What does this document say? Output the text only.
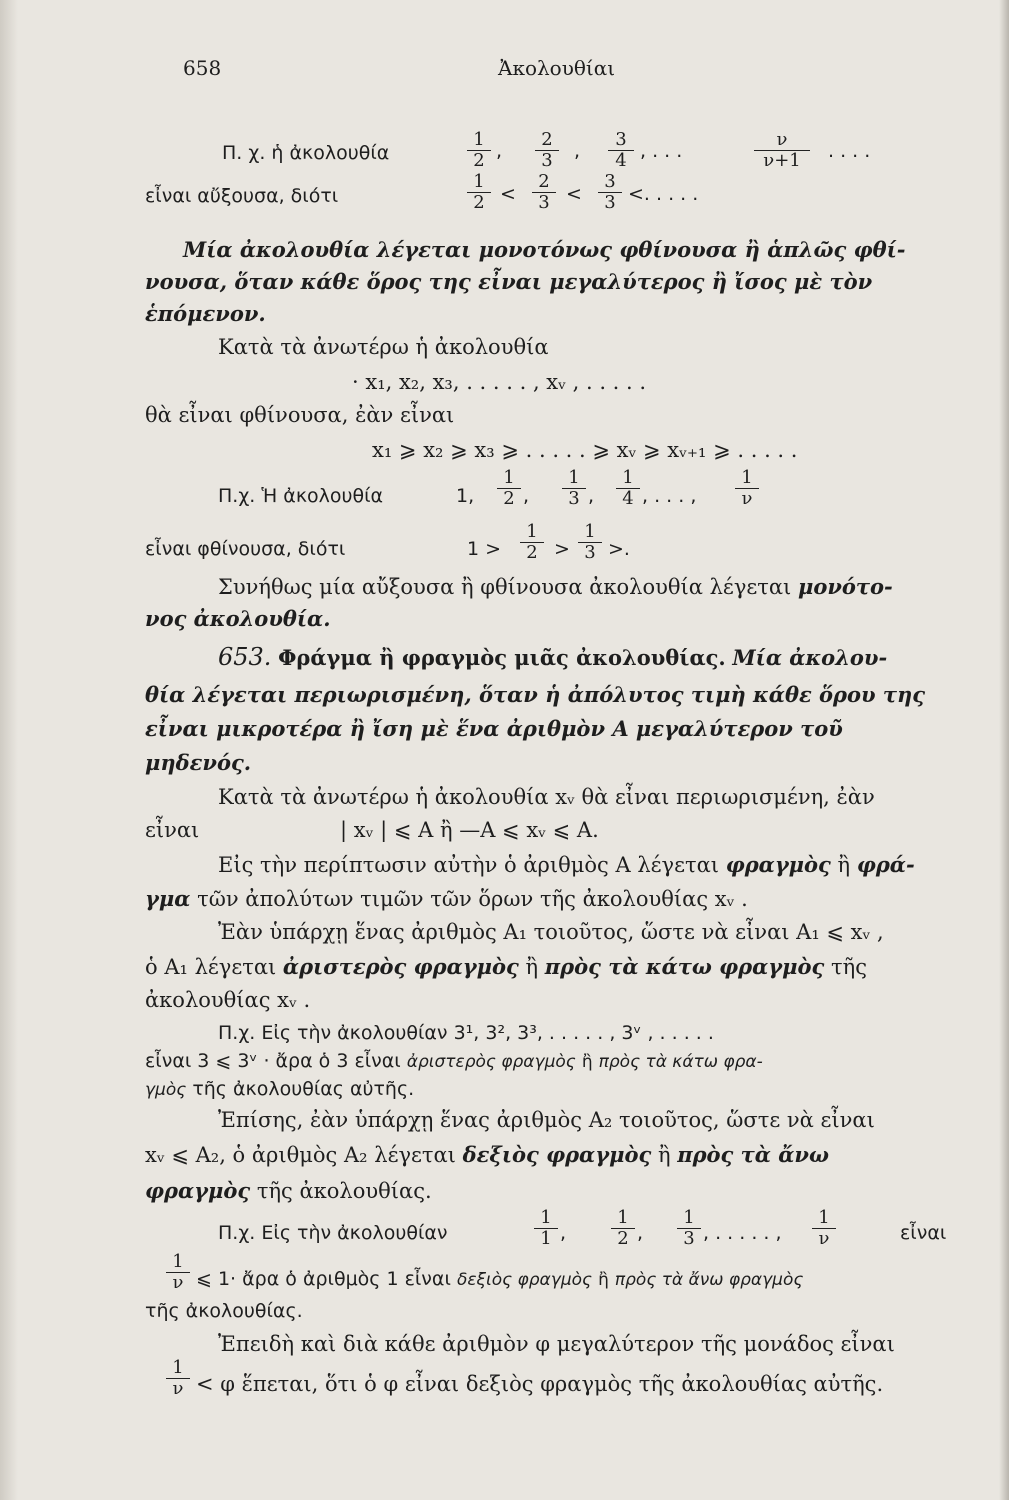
658	Ἀκολουθίαι
Π. χ. ἡ ἀκολουθία	$\frac{1}{2}$ , $\frac{2}{3}$ , $\frac{3}{4}$ , . . .	$\frac{\nu}{\nu+1}$ . . . .
εἶναι αὔξουσα, διότι	$\frac{1}{2} < \frac{2}{3} < \frac{3}{3}$ <. . . . .
Μία ἀκολουθία λέγεται μονοτόνως φθίνουσα ἢ ἁπλῶς φθί-
νουσα, ὅταν κάθε ὅρος της εἶναι μεγαλύτερος ἢ ἴσος μὲ τὸν
ἑπόμενον.
Κατὰ τὰ ἀνωτέρω ἡ ἀκολουθία
· x₁, x₂, x₃, . . . . . , xᵥ , . . . . .
θὰ εἶναι φθίνουσα, ἐὰν εἶναι
x₁ ⩾ x₂ ⩾ x₃ ⩾ . . . . . ⩾ xᵥ ⩾ xᵥ₊₁ ⩾ . . . . .
Π.χ. Ἡ ἀκολουθία	1, $\frac{1}{2}$ , $\frac{1}{3}$ , $\frac{1}{4}$ , . . . , $\frac{1}{\nu}$
εἶναι φθίνουσα, διότι	$1 > \frac{1}{2} > \frac{1}{3}$ >.
Συνήθως μία αὔξουσα ἢ φθίνουσα ἀκολουθία λέγεται μονότο-
νος ἀκολουθία.
653. Φράγμα ἢ φραγμὸς μιᾶς ἀκολουθίας. Μία ἀκολου-
θία λέγεται περιωρισμένη, ὅταν ἡ ἀπόλυτος τιμὴ κάθε ὅρου της
εἶναι μικροτέρα ἢ ἴση μὲ ἕνα ἀριθμὸν Α μεγαλύτερον τοῦ
μηδενός.
Κατὰ τὰ ἀνωτέρω ἡ ἀκολουθία xᵥ θὰ εἶναι περιωρισμένη, ἐὰν
εἶναι	| xᵥ | ⩽ Α ἢ —Α ⩽ xᵥ ⩽ Α.
Εἰς τὴν περίπτωσιν αὐτὴν ὁ ἀριθμὸς Α λέγεται φραγμὸς ἢ φρά-
γμα τῶν ἀπολύτων τιμῶν τῶν ὅρων τῆς ἀκολουθίας xᵥ .
Ἐὰν ὑπάρχῃ ἕνας ἀριθμὸς Α₁ τοιοῦτος, ὥστε νὰ εἶναι Α₁ ⩽ xᵥ ,
ὁ Α₁ λέγεται ἀριστερὸς φραγμὸς ἢ πρὸς τὰ κάτω φραγμὸς τῆς
ἀκολουθίας xᵥ .
Π.χ. Εἰς τὴν ἀκολουθίαν 3¹, 3², 3³, . . . . . , 3ᵛ , . . . . .
εἶναι 3 ⩽ 3ᵛ · ἄρα ὁ 3 εἶναι ἀριστερὸς φραγμὸς ἢ πρὸς τὰ κάτω φρα-
γμὸς τῆς ἀκολουθίας αὐτῆς.
Ἐπίσης, ἐὰν ὑπάρχῃ ἕνας ἀριθμὸς Α₂ τοιοῦτος, ὥστε νὰ εἶναι
xᵥ ⩽ Α₂, ὁ ἀριθμὸς Α₂ λέγεται δεξιὸς φραγμὸς ἢ πρὸς τὰ ἄνω
φραγμὸς τῆς ἀκολουθίας.
Π.χ. Εἰς τὴν ἀκολουθίαν	$\frac{1}{1}$ , $\frac{1}{2}$ , $\frac{1}{3}$ , . . . . . , $\frac{1}{\nu}$	εἶναι
$\frac{1}{\nu}$ ⩽ 1· ἄρα ὁ ἀριθμὸς 1 εἶναι δεξιὸς φραγμὸς ἢ πρὸς τὰ ἄνω φραγμὸς
τῆς ἀκολουθίας.
Ἐπειδὴ καὶ διὰ κάθε ἀριθμὸν φ μεγαλύτερον τῆς μονάδος εἶναι
$\frac{1}{\nu} < \varphi$ ἕπεται, ὅτι ὁ φ εἶναι δεξιὸς φραγμὸς τῆς ἀκολουθίας αὐτῆς.
